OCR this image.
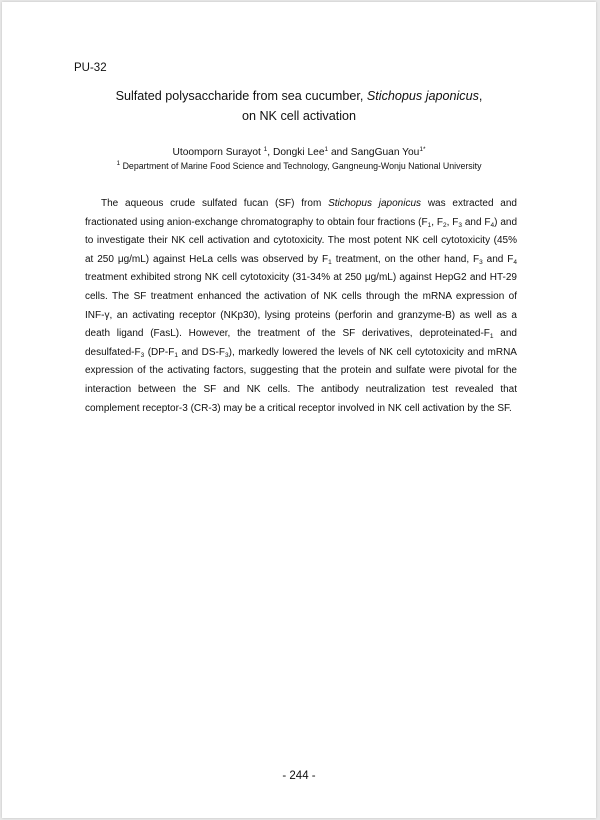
PU-32
Sulfated polysaccharide from sea cucumber, Stichopus japonicus,
on NK cell activation
Utoomporn Surayot $^1$, Dongki Lee$^1$ and SangGuan You$^{1*}$
$^1$ Department of Marine Food Science and Technology, Gangneung-Wonju National University
The aqueous crude sulfated fucan (SF) from Stichopus japonicus was extracted and
fractionated using anion-exchange chromatography to obtain four fractions ($F_1$, $F_2$, $F_3$ and $F_4$) and
to investigate their NK cell activation and cytotoxicity. The most potent NK cell cytotoxicity (45%
at 250 μg/mL) against HeLa cells was observed by $F_1$ treatment, on the other hand, $F_3$ and $F_4$
treatment exhibited strong NK cell cytotoxicity (31-34% at 250 μg/mL) against HepG2 and HT-29
cells. The SF treatment enhanced the activation of NK cells through the mRNA expression of
INF-γ, an activating receptor (NKp30), lysing proteins (perforin and granzyme-B) as well as a
death ligand (FasL). However, the treatment of the SF derivatives, deproteinated-$F_1$ and
desulfated-$F_3$ ($DP-F_1$ and $DS-F_3$), markedly lowered the levels of NK cell cytotoxicity and mRNA
expression of the activating factors, suggesting that the protein and sulfate were pivotal for the
interaction between the SF and NK cells. The antibody neutralization test revealed that
complement receptor-3 (CR-3) may be a critical receptor involved in NK cell activation by the SF.
- 244 -
